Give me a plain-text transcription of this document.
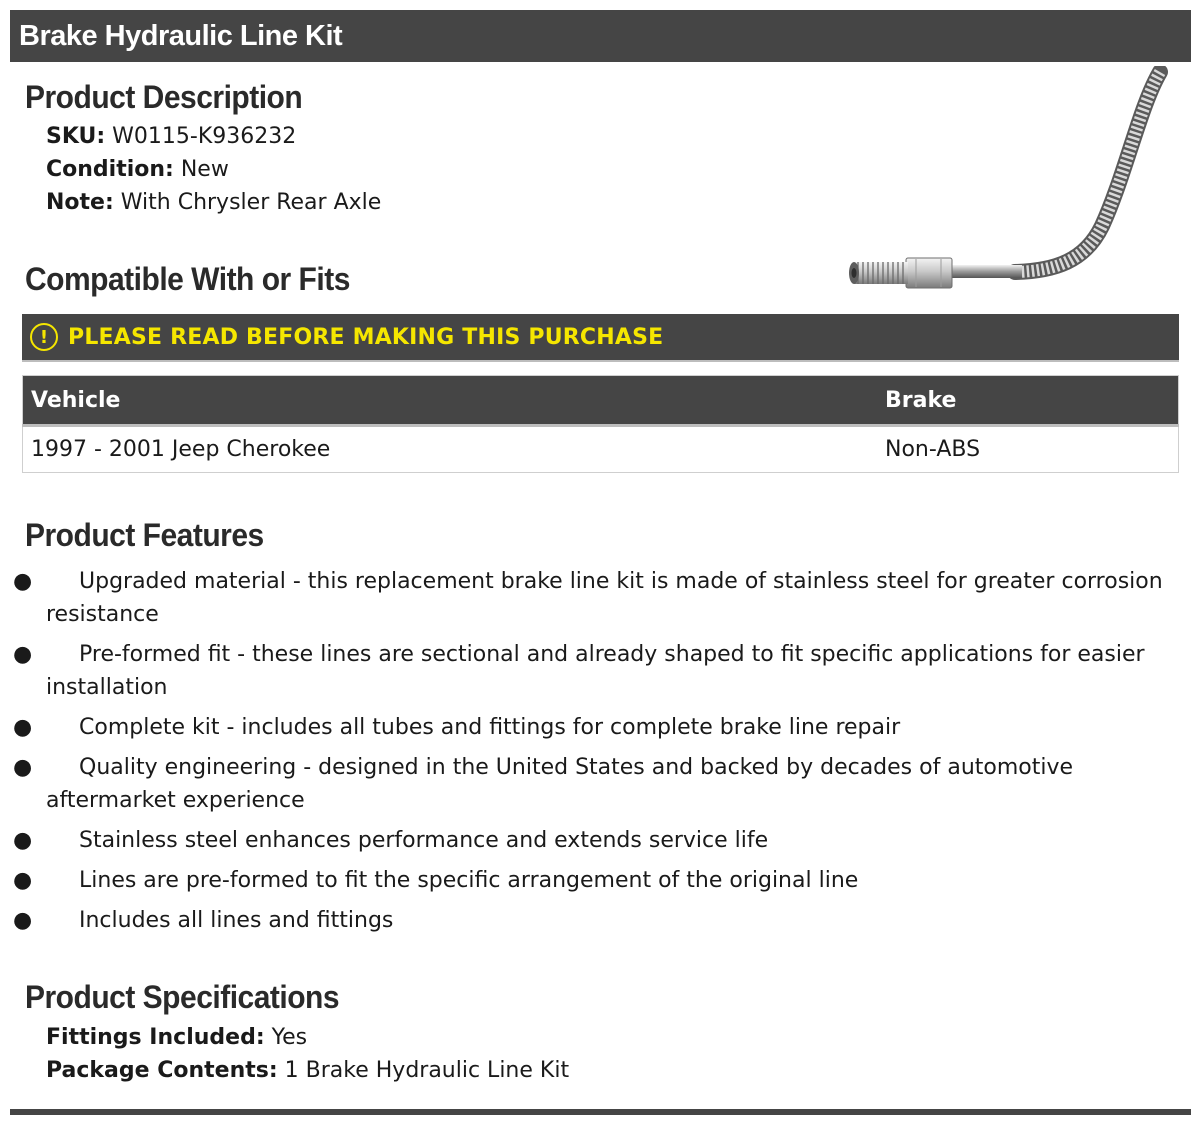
Brake Hydraulic Line Kit
Product Description
SKU: W0115-K936232
Condition: New
Note: With Chrysler Rear Axle
Compatible With or Fits
! PLEASE READ BEFORE MAKING THIS PURCHASE
Vehicle	Brake
1997 - 2001 Jeep Cherokee	Non-ABS
Product Features
●	Upgraded material - this replacement brake line kit is made of stainless steel for greater corrosion resistance
●	Pre-formed fit - these lines are sectional and already shaped to fit specific applications for easier installation
●	Complete kit - includes all tubes and fittings for complete brake line repair
●	Quality engineering - designed in the United States and backed by decades of automotive aftermarket experience
●	Stainless steel enhances performance and extends service life
●	Lines are pre-formed to fit the specific arrangement of the original line
●	Includes all lines and fittings
Product Specifications
Fittings Included: Yes
Package Contents: 1 Brake Hydraulic Line Kit
